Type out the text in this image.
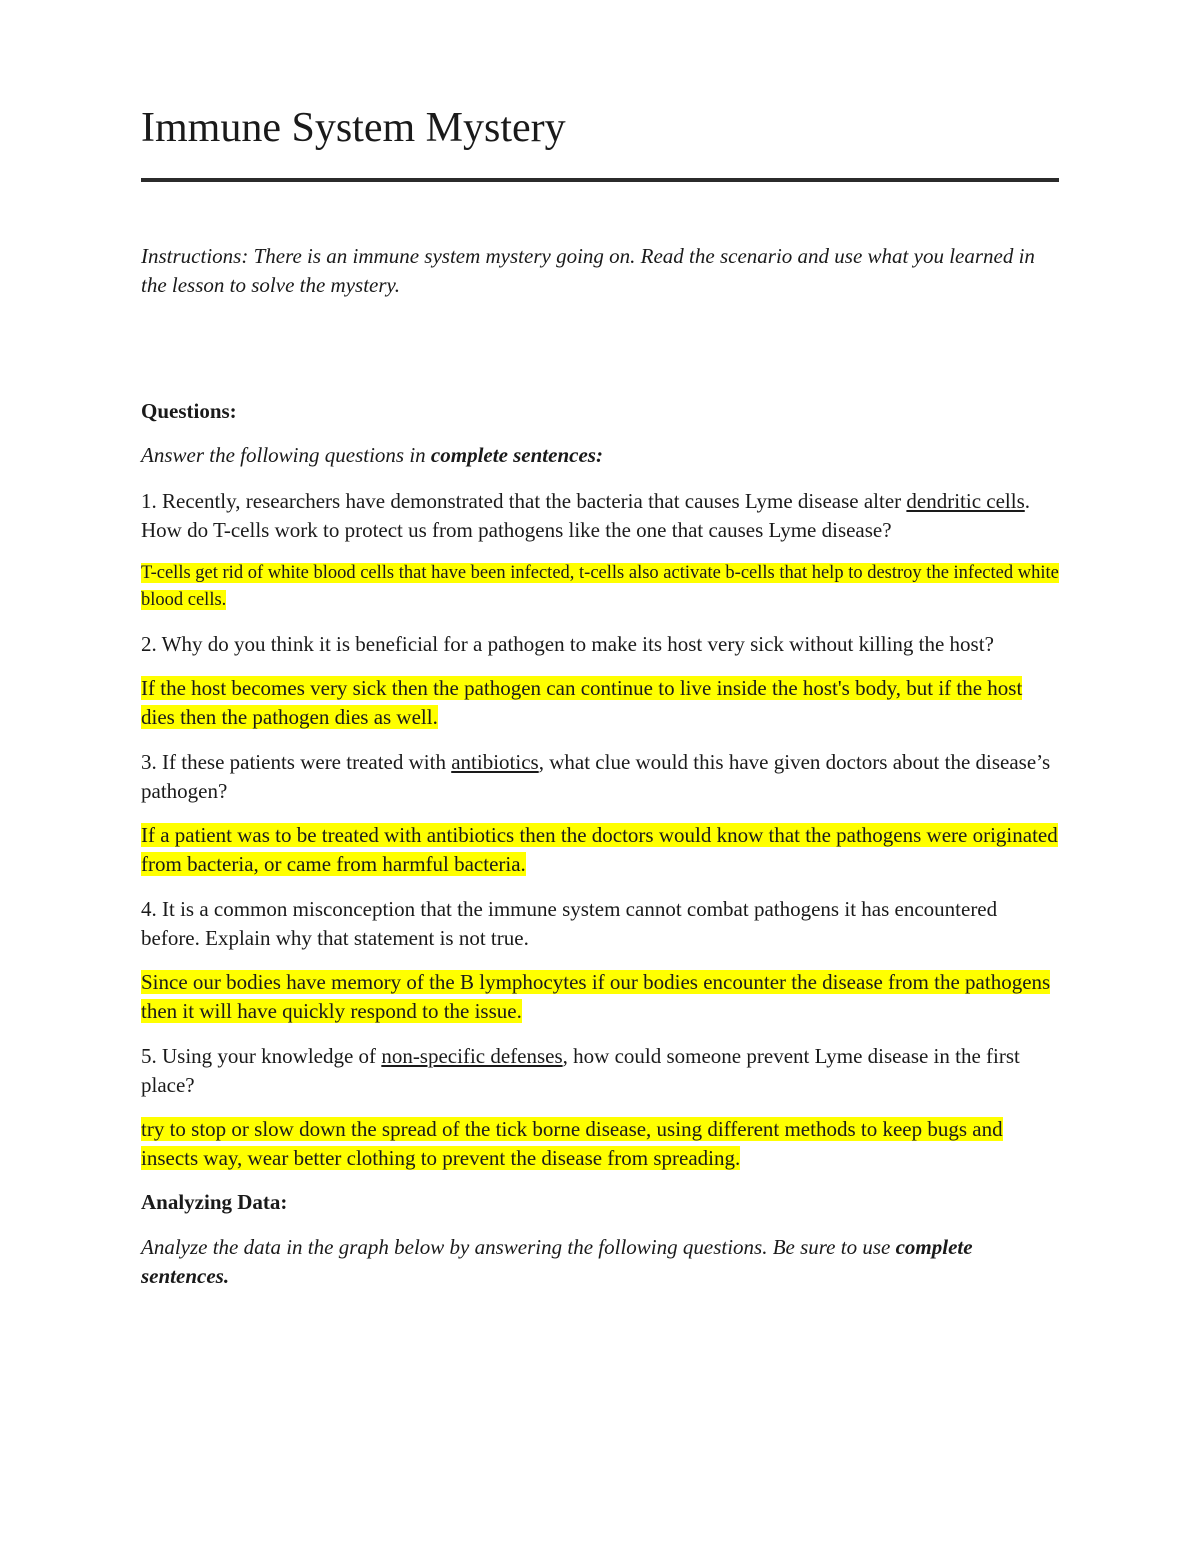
Immune System Mystery
Instructions: There is an immune system mystery going on. Read the scenario and use what you learned in the lesson to solve the mystery.
Questions:
Answer the following questions in complete sentences:
1. Recently, researchers have demonstrated that the bacteria that causes Lyme disease alter dendritic cells. How do T-cells work to protect us from pathogens like the one that causes Lyme disease?
T-cells get rid of white blood cells that have been infected, t-cells also activate b-cells that help to destroy the infected white blood cells.
2. Why do you think it is beneficial for a pathogen to make its host very sick without killing the host?
If the host becomes very sick then the pathogen can continue to live inside the host's body, but if the host dies then the pathogen dies as well.
3. If these patients were treated with antibiotics, what clue would this have given doctors about the disease’s pathogen?
If a patient was to be treated with antibiotics then the doctors would know that the pathogens were originated from bacteria, or came from harmful bacteria.
4. It is a common misconception that the immune system cannot combat pathogens it has encountered before. Explain why that statement is not true.
Since our bodies have memory of the B lymphocytes if our bodies encounter the disease from the pathogens then it will have quickly respond to the issue.
5. Using your knowledge of non-specific defenses, how could someone prevent Lyme disease in the first place?
try to stop or slow down the spread of the tick borne disease, using different methods to keep bugs and insects way, wear better clothing to prevent the disease from spreading.
Analyzing Data:
Analyze the data in the graph below by answering the following questions. Be sure to use complete sentences.
